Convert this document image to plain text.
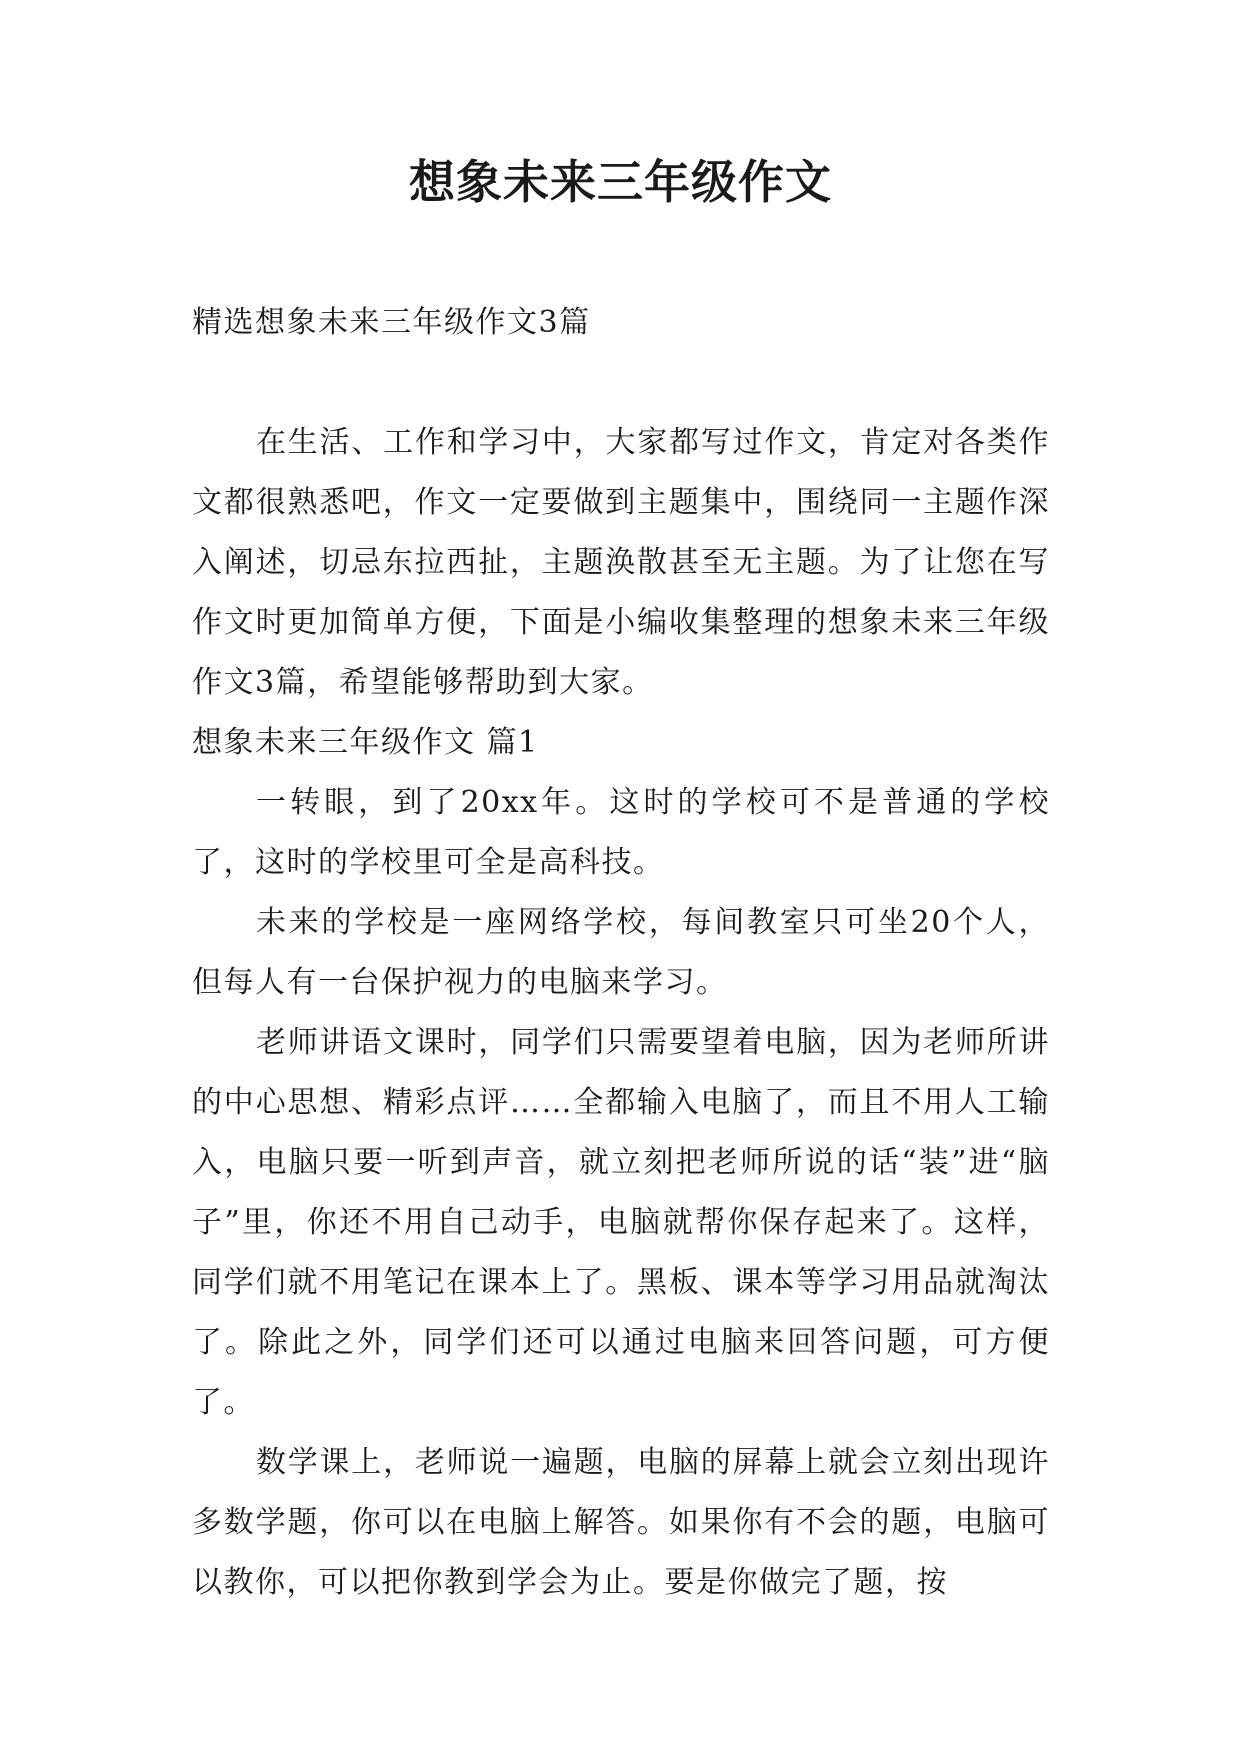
想象未来三年级作文

精选想象未来三年级作文3篇

在生活、工作和学习中，大家都写过作文，肯定对各类作文都很熟悉吧，作文一定要做到主题集中，围绕同一主题作深入阐述，切忌东拉西扯，主题涣散甚至无主题。为了让您在写作文时更加简单方便，下面是小编收集整理的想象未来三年级作文3篇，希望能够帮助到大家。

想象未来三年级作文 篇1

一转眼，到了20xx年。这时的学校可不是普通的学校了，这时的学校里可全是高科技。

未来的学校是一座网络学校，每间教室只可坐20个人，但每人有一台保护视力的电脑来学习。

老师讲语文课时，同学们只需要望着电脑，因为老师所讲的中心思想、精彩点评……全都输入电脑了，而且不用人工输入，电脑只要一听到声音，就立刻把老师所说的话“装”进“脑子”里，你还不用自己动手，电脑就帮你保存起来了。这样，同学们就不用笔记在课本上了。黑板、课本等学习用品就淘汰了。除此之外，同学们还可以通过电脑来回答问题，可方便了。

数学课上，老师说一遍题，电脑的屏幕上就会立刻出现许多数学题，你可以在电脑上解答。如果你有不会的题，电脑可以教你，可以把你教到学会为止。要是你做完了题，按
